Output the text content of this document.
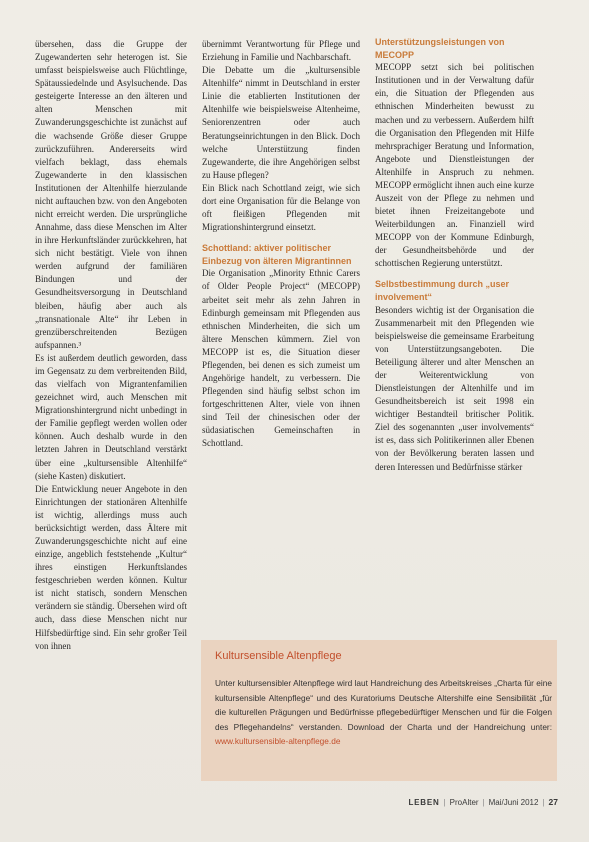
übersehen, dass die Gruppe der Zugewanderten sehr heterogen ist. Sie umfasst beispielsweise auch Flüchtlinge, Spätaussiedelnde und Asylsuchende. Das gesteigerte Interesse an den älteren und alten Menschen mit Zuwanderungsgeschichte ist zunächst auf die wachsende Größe dieser Gruppe zurückzuführen. Andererseits wird vielfach beklagt, dass ehemals Zugewanderte in den klassischen Institutionen der Altenhilfe hierzulande nicht auftauchen bzw. von den Angeboten nicht erreicht werden. Die ursprüngliche Annahme, dass diese Menschen im Alter in ihre Herkunftsländer zurückkehren, hat sich nicht bestätigt. Viele von ihnen werden aufgrund der familiären Bindungen und der Gesundheitsversorgung in Deutschland bleiben, häufig aber auch als „transnationale Alte“ ihr Leben in grenzüberschreitenden Bezügen aufspannen.³

Es ist außerdem deutlich geworden, dass im Gegensatz zu dem verbreitenden Bild, das vielfach von Migrantenfamilien gezeichnet wird, auch Menschen mit Migrationshintergrund nicht unbedingt in der Familie gepflegt werden wollen oder können. Auch deshalb wurde in den letzten Jahren in Deutschland verstärkt über eine „kultursensible Altenhilfe“ (siehe Kasten) diskutiert.

Die Entwicklung neuer Angebote in den Einrichtungen der stationären Altenhilfe ist wichtig, allerdings muss auch berücksichtigt werden, dass Ältere mit Zuwanderungsgeschichte nicht auf eine einzige, angeblich feststehende „Kultur“ ihres einstigen Herkunftslandes festgeschrieben werden können. Kultur ist nicht statisch, sondern Menschen verändern sie ständig. Übersehen wird oft auch, dass diese Menschen nicht nur Hilfsbedürftige sind. Ein sehr großer Teil von ihnen

übernimmt Verantwortung für Pflege und Erziehung in Familie und Nachbarschaft.

Die Debatte um die „kultursensible Altenhilfe“ nimmt in Deutschland in erster Linie die etablierten Institutionen der Altenhilfe wie beispielsweise Altenheime, Seniorenzentren oder auch Beratungseinrichtungen in den Blick. Doch welche Unterstützung finden Zugewanderte, die ihre Angehörigen selbst zu Hause pflegen?

Ein Blick nach Schottland zeigt, wie sich dort eine Organisation für die Belange von oft fleißigen Pflegenden mit Migrationshintergrund einsetzt.

Schottland: aktiver politischer Einbezug von älteren Migrantinnen

Die Organisation „Minority Ethnic Carers of Older People Project“ (MECOPP) arbeitet seit mehr als zehn Jahren in Edinburgh gemeinsam mit Pflegenden aus ethnischen Minderheiten, die sich um ältere Menschen kümmern. Ziel von MECOPP ist es, die Situation dieser Pflegenden, bei denen es sich zumeist um Angehörige handelt, zu verbessern. Die Pflegenden sind häufig selbst schon im fortgeschrittenen Alter, viele von ihnen sind Teil der chinesischen oder der südasiatischen Gemeinschaften in Schottland.

Unterstützungsleistungen von MECOPP

MECOPP setzt sich bei politischen Institutionen und in der Verwaltung dafür ein, die Situation der Pflegenden aus ethnischen Minderheiten bewusst zu machen und zu verbessern. Außerdem hilft die Organisation den Pflegenden mit Hilfe mehrsprachiger Beratung und Information, Angebote und Dienstleistungen der Altenhilfe in Anspruch zu nehmen. MECOPP ermöglicht ihnen auch eine kurze Auszeit von der Pflege zu nehmen und bietet ihnen Freizeitangebote und Weiterbildungen an. Finanziell wird MECOPP von der Kommune Edinburgh, der Gesundheitsbehörde und der schottischen Regierung unterstützt.

Selbstbestimmung durch „user involvement“

Besonders wichtig ist der Organisation die Zusammenarbeit mit den Pflegenden wie beispielsweise die gemeinsame Erarbeitung von Unterstützungsangeboten. Die Beteiligung älterer und alter Menschen an der Weiterentwicklung von Dienstleistungen der Altenhilfe und im Gesundheitsbereich ist seit 1998 ein wichtiger Bestandteil britischer Politik. Ziel des sogenannten „user involvements“ ist es, dass sich Politikerinnen aller Ebenen von der Bevölkerung beraten lassen und deren Interessen und Bedürfnisse stärker

Kultursensible Altenpflege

Unter kultursensibler Altenpflege wird laut Handreichung des Arbeitskreises „Charta für eine kultursensible Altenpflege“ und des Kuratoriums Deutsche Altershilfe eine Sensibilität „für die kulturellen Prägungen und Bedürfnisse pflegebedürftiger Menschen und für die Folgen des Pflegehandelns“ verstanden. Download der Charta und der Handreichung unter: www.kultursensible-altenpflege.de

LEBEN | ProAlter | Mai/Juni 2012 | 27
